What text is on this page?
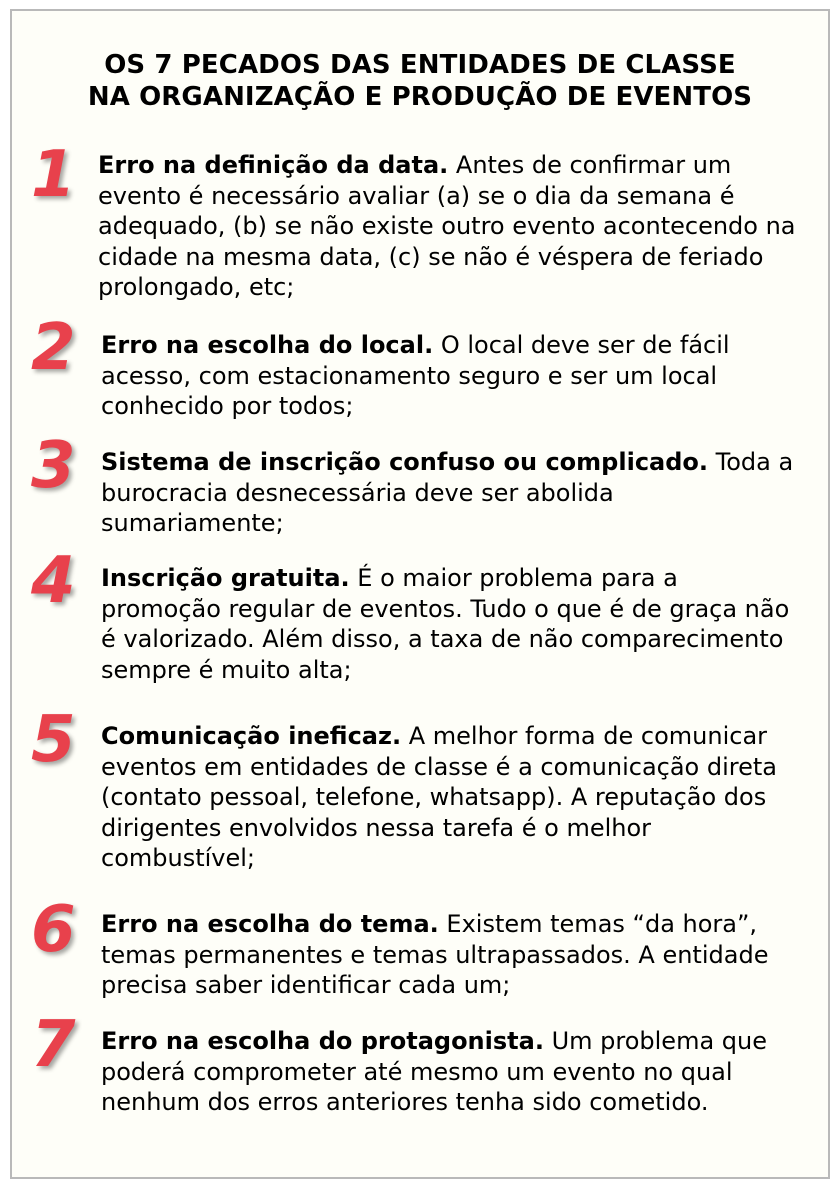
OS 7 PECADOS DAS ENTIDADES DE CLASSE
NA ORGANIZAÇÃO E PRODUÇÃO DE EVENTOS
1 Erro na definição da data. Antes de confirmar um evento é necessário avaliar (a) se o dia da semana é adequado, (b) se não existe outro evento acontecendo na cidade na mesma data, (c) se não é véspera de feriado prolongado, etc;

2 Erro na escolha do local. O local deve ser de fácil acesso, com estacionamento seguro e ser um local conhecido por todos;

3 Sistema de inscrição confuso ou complicado. Toda a burocracia desnecessária deve ser abolida sumariamente;

4 Inscrição gratuita. É o maior problema para a promoção regular de eventos. Tudo o que é de graça não é valorizado. Além disso, a taxa de não comparecimento sempre é muito alta;

5 Comunicação ineficaz. A melhor forma de comunicar eventos em entidades de classe é a comunicação direta (contato pessoal, telefone, whatsapp). A reputação dos dirigentes envolvidos nessa tarefa é o melhor combustível;

6 Erro na escolha do tema. Existem temas “da hora”, temas permanentes e temas ultrapassados. A entidade precisa saber identificar cada um;

7 Erro na escolha do protagonista. Um problema que poderá comprometer até mesmo um evento no qual nenhum dos erros anteriores tenha sido cometido.
